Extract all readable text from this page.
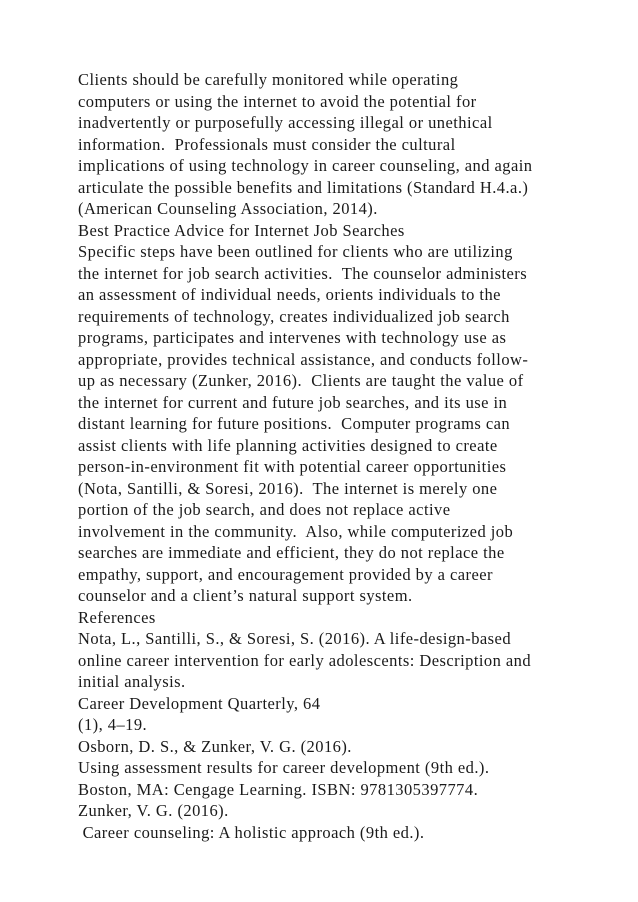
Clients should be carefully monitored while operating
computers or using the internet to avoid the potential for
inadvertently or purposefully accessing illegal or unethical
information.  Professionals must consider the cultural
implications of using technology in career counseling, and again
articulate the possible benefits and limitations (Standard H.4.a.)
(American Counseling Association, 2014).
Best Practice Advice for Internet Job Searches
Specific steps have been outlined for clients who are utilizing
the internet for job search activities.  The counselor administers
an assessment of individual needs, orients individuals to the
requirements of technology, creates individualized job search
programs, participates and intervenes with technology use as
appropriate, provides technical assistance, and conducts follow-
up as necessary (Zunker, 2016).  Clients are taught the value of
the internet for current and future job searches, and its use in
distant learning for future positions.  Computer programs can
assist clients with life planning activities designed to create
person-in-environment fit with potential career opportunities
(Nota, Santilli, & Soresi, 2016).  The internet is merely one
portion of the job search, and does not replace active
involvement in the community.  Also, while computerized job
searches are immediate and efficient, they do not replace the
empathy, support, and encouragement provided by a career
counselor and a client’s natural support system.
References
Nota, L., Santilli, S., & Soresi, S. (2016). A life-design-based
online career intervention for early adolescents: Description and
initial analysis.
Career Development Quarterly, 64
(1), 4–19.
Osborn, D. S., & Zunker, V. G. (2016).
Using assessment results for career development (9th ed.).
Boston, MA: Cengage Learning. ISBN: 9781305397774.
Zunker, V. G. (2016).
Career counseling: A holistic approach (9th ed.).
